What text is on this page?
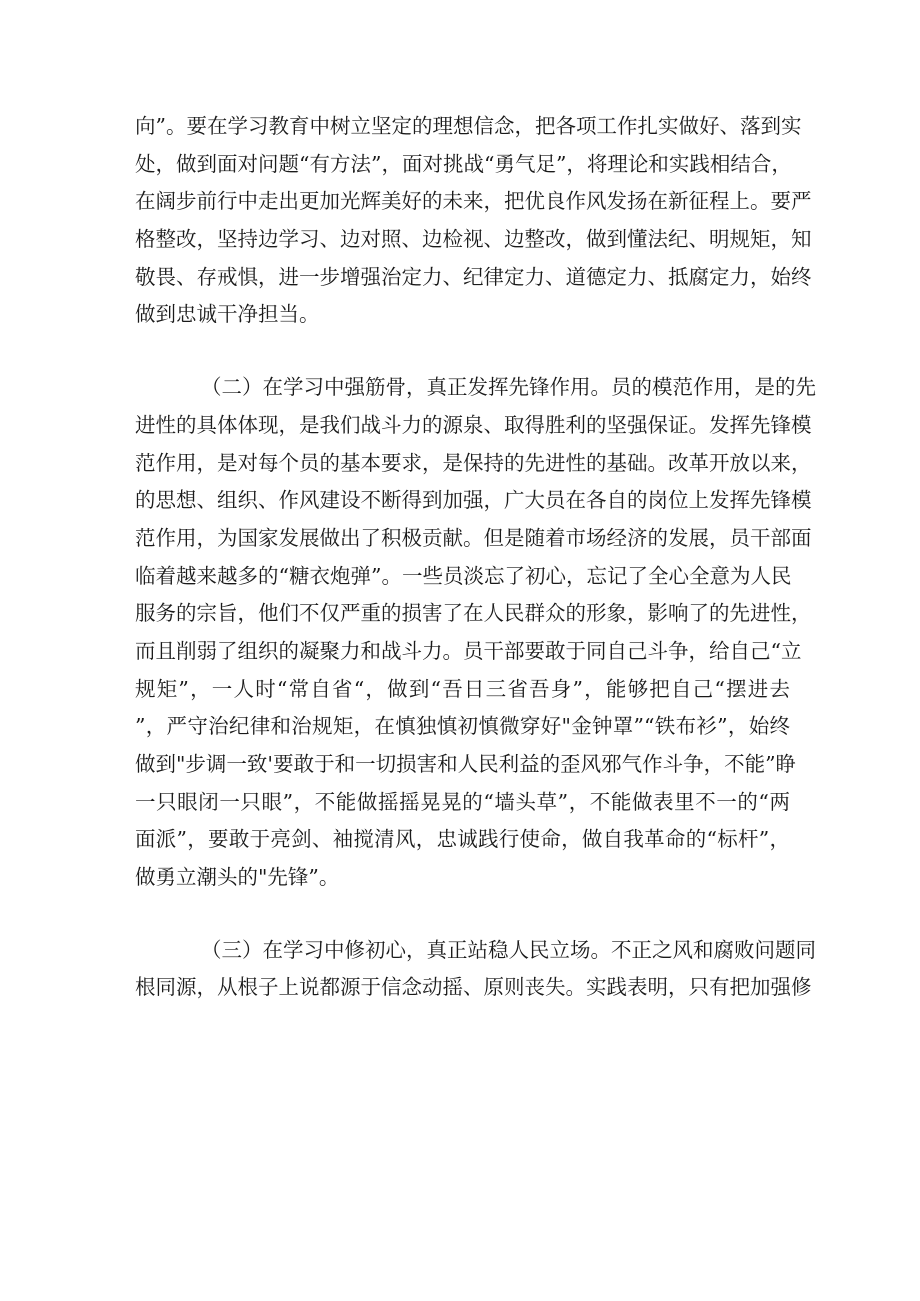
向”。要在学习教育中树立坚定的理想信念，把各项工作扎实做好、落到实
处，做到面对问题“有方法”，面对挑战“勇气足”，将理论和实践相结合，
在阔步前行中走出更加光辉美好的未来，把优良作风发扬在新征程上。要严
格整改，坚持边学习、边对照、边检视、边整改，做到懂法纪、明规矩，知
敬畏、存戒惧，进一步增强治定力、纪律定力、道德定力、抵腐定力，始终
做到忠诚干净担当。
（二）在学习中强筋骨，真正发挥先锋作用。员的模范作用，是的先
进性的具体体现，是我们战斗力的源泉、取得胜利的坚强保证。发挥先锋模
范作用，是对每个员的基本要求，是保持的先进性的基础。改革开放以来，
的思想、组织、作风建设不断得到加强，广大员在各自的岗位上发挥先锋模
范作用，为国家发展做出了积极贡献。但是随着市场经济的发展，员干部面
临着越来越多的“糖衣炮弹”。一些员淡忘了初心，忘记了全心全意为人民
服务的宗旨，他们不仅严重的损害了在人民群众的形象，影响了的先进性，
而且削弱了组织的凝聚力和战斗力。员干部要敢于同自己斗争，给自己“立
规矩”，一人时“常自省“，做到“吾日三省吾身”，能够把自己“摆进去
”，严守治纪律和治规矩，在慎独慎初慎微穿好"金钟罩”“铁布衫”，始终
做到"步调一致'要敢于和一切损害和人民利益的歪风邪气作斗争，不能”睁
一只眼闭一只眼”，不能做摇摇晃晃的“墙头草”，不能做表里不一的“两
面派”，要敢于亮剑、袖搅清风，忠诚践行使命，做自我革命的“标杆”，
做勇立潮头的"先锋”。
（三）在学习中修初心，真正站稳人民立场。不正之风和腐败问题同
根同源，从根子上说都源于信念动摇、原则丧失。实践表明，只有把加强修
